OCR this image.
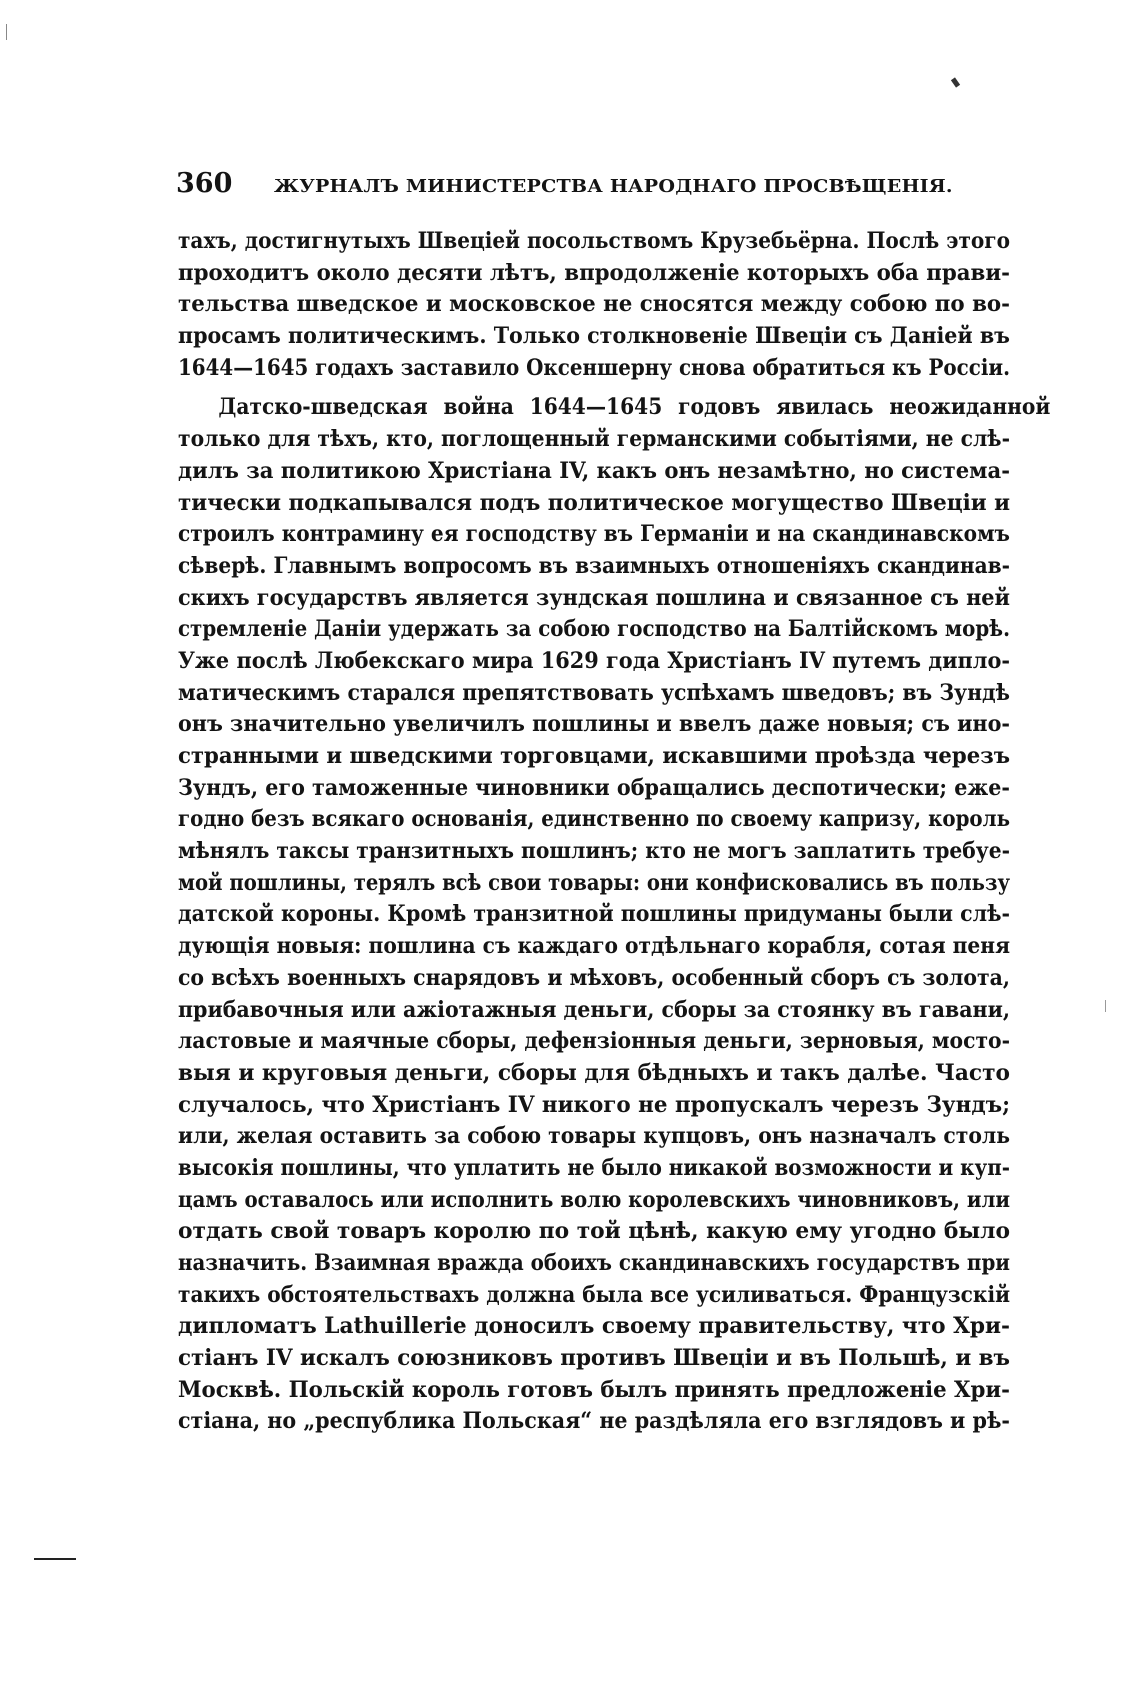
360 ЖУРНАЛЪ МИНИСТЕРСТВА НАРОДНАГО ПРОСВѢЩЕНІЯ.
тахъ, достигнутыхъ Швеціей посольствомъ Крузебьёрна. Послѣ этого
проходитъ около десяти лѣтъ, впродолженіе которыхъ оба прави-
тельства шведское и московское не сносятся между собою по во-
просамъ политическимъ. Только столкновеніе Швеціи съ Даніей въ
1644—1645 годахъ заставило Оксеншерну снова обратиться къ Россіи.
Датско-шведская война 1644—1645 годовъ явилась неожиданной
только для тѣхъ, кто, поглощенный германскими событіями, не слѣ-
дилъ за политикою Христіана IV, какъ онъ незамѣтно, но система-
тически подкапывался подъ политическое могущество Швеціи и
строилъ контрамину ея господству въ Германіи и на скандинавскомъ
сѣверѣ. Главнымъ вопросомъ въ взаимныхъ отношеніяхъ скандинав-
скихъ государствъ является зундская пошлина и связанное съ ней
стремленіе Даніи удержать за собою господство на Балтійскомъ морѣ.
Уже послѣ Любекскаго мира 1629 года Христіанъ IV путемъ дипло-
матическимъ старался препятствовать успѣхамъ шведовъ; въ Зундѣ
онъ значительно увеличилъ пошлины и ввелъ даже новыя; съ ино-
странными и шведскими торговцами, искавшими проѣзда черезъ
Зундъ, его таможенные чиновники обращались деспотически; еже-
годно безъ всякаго основанія, единственно по своему капризу, король
мѣнялъ таксы транзитныхъ пошлинъ; кто не могъ заплатить требуе-
мой пошлины, терялъ всѣ свои товары: они конфисковались въ пользу
датской короны. Кромѣ транзитной пошлины придуманы были слѣ-
дующія новыя: пошлина съ каждаго отдѣльнаго корабля, сотая пеня
со всѣхъ военныхъ снарядовъ и мѣховъ, особенный сборъ съ золота,
прибавочныя или ажіотажныя деньги, сборы за стоянку въ гавани,
ластовые и маячные сборы, дефензіонныя деньги, зерновыя, мосто-
выя и круговыя деньги, сборы для бѣдныхъ и такъ далѣе. Часто
случалось, что Христіанъ IV никого не пропускалъ черезъ Зундъ;
или, желая оставить за собою товары купцовъ, онъ назначалъ столь
высокія пошлины, что уплатить не было никакой возможности и куп-
цамъ оставалось или исполнить волю королевскихъ чиновниковъ, или
отдать свой товаръ королю по той цѣнѣ, какую ему угодно было
назначить. Взаимная вражда обоихъ скандинавскихъ государствъ при
такихъ обстоятельствахъ должна была все усиливаться. Французскій
дипломатъ Lathuillerie доносилъ своему правительству, что Хри-
стіанъ IV искалъ союзниковъ противъ Швеціи и въ Польшѣ, и въ
Москвѣ. Польскій король готовъ былъ принять предложеніе Хри-
стіана, но „республика Польская“ не раздѣляла его взглядовъ и рѣ-
